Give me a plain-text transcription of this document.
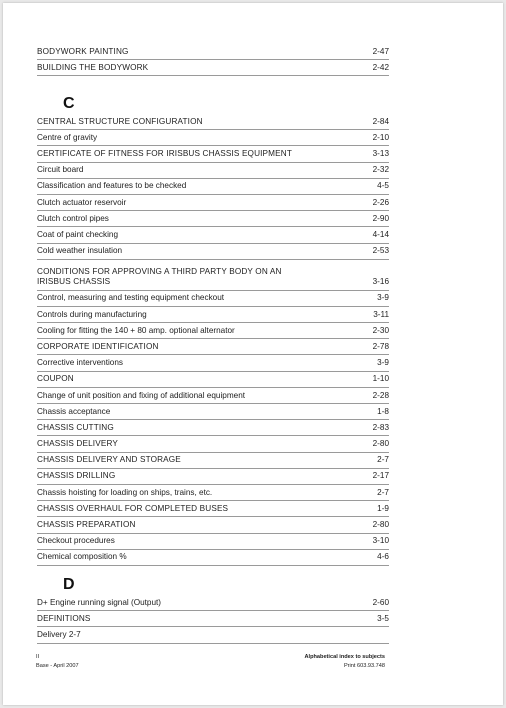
BODYWORK PAINTING	2-47
BUILDING THE BODYWORK	2-42
C
CENTRAL STRUCTURE CONFIGURATION	2-84
Centre of gravity	2-10
CERTIFICATE OF FITNESS FOR IRISBUS CHASSIS EQUIPMENT	3-13
Circuit board	2-32
Classification and features to be checked	4-5
Clutch actuator reservoir	2-26
Clutch control pipes	2-90
Coat of paint checking	4-14
Cold weather insulation	2-53
CONDITIONS FOR APPROVING A THIRD PARTY BODY ON AN
IRISBUS CHASSIS	3-16
Control, measuring and testing equipment checkout	3-9
Controls during manufacturing	3-11
Cooling for fitting the 140 + 80 amp. optional alternator	2-30
CORPORATE IDENTIFICATION	2-78
Corrective interventions	3-9
COUPON	1-10
Change of unit position and fixing of additional equipment	2-28
Chassis acceptance	1-8
CHASSIS CUTTING	2-83
CHASSIS DELIVERY	2-80
CHASSIS DELIVERY AND STORAGE	2-7
CHASSIS DRILLING	2-17
Chassis hoisting for loading on ships, trains, etc.	2-7
CHASSIS OVERHAUL FOR COMPLETED BUSES	1-9
CHASSIS PREPARATION	2-80
Checkout procedures	3-10
Chemical composition %	4-6
D
D+ Engine running signal (Output)	2-60
DEFINITIONS	3-5
Delivery 2-7
II
Base - April 2007
Alphabetical index to subjects
Print 603.93.748
